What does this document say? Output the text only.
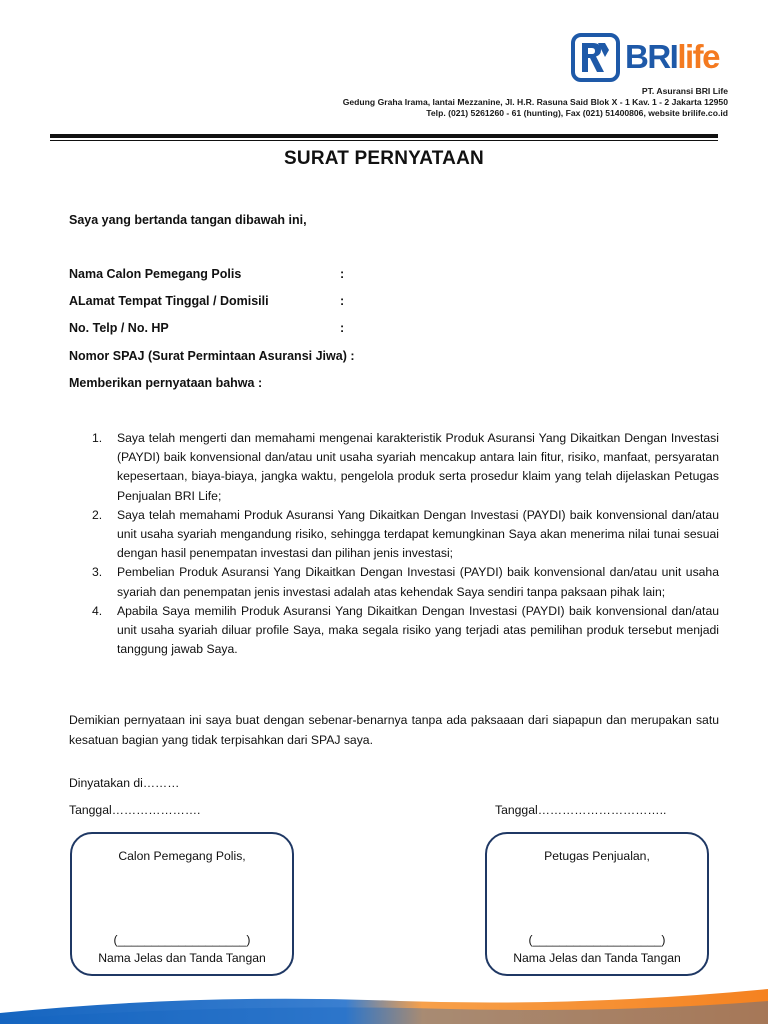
BRIlife
PT. Asuransi BRI Life
Gedung Graha Irama, lantai Mezzanine, Jl. H.R. Rasuna Said Blok X - 1 Kav. 1 - 2 Jakarta 12950
Telp. (021) 5261260 - 61 (hunting), Fax (021) 51400806, website brilife.co.id
SURAT PERNYATAAN
Saya yang bertanda tangan dibawah ini,
Nama Calon Pemegang Polis	:
ALamat Tempat Tinggal / Domisili	:
No. Telp / No. HP	:
Nomor SPAJ (Surat Permintaan Asuransi Jiwa) :
Memberikan pernyataan bahwa :
1. Saya telah mengerti dan memahami mengenai karakteristik Produk Asuransi Yang Dikaitkan Dengan Investasi (PAYDI) baik konvensional dan/atau unit usaha syariah mencakup antara lain fitur, risiko, manfaat, persyaratan kepesertaan, biaya-biaya, jangka waktu, pengelola produk serta prosedur klaim yang telah dijelaskan Petugas Penjualan BRI Life;
2. Saya telah memahami Produk Asuransi Yang Dikaitkan Dengan Investasi (PAYDI) baik konvensional dan/atau unit usaha syariah mengandung risiko, sehingga terdapat kemungkinan Saya akan menerima nilai tunai sesuai dengan hasil penempatan investasi dan pilihan jenis investasi;
3. Pembelian Produk Asuransi Yang Dikaitkan Dengan Investasi (PAYDI) baik konvensional dan/atau unit usaha syariah dan penempatan jenis investasi adalah atas kehendak Saya sendiri tanpa paksaan pihak lain;
4. Apabila Saya memilih Produk Asuransi Yang Dikaitkan Dengan Investasi (PAYDI) baik konvensional dan/atau unit usaha syariah diluar profile Saya, maka segala risiko yang terjadi atas pemilihan produk tersebut menjadi tanggung jawab Saya.
Demikian pernyataan ini saya buat dengan sebenar-benarnya tanpa ada paksaaan dari siapapun dan merupakan satu kesatuan bagian yang tidak terpisahkan dari SPAJ saya.
Dinyatakan di………
Tanggal………………….	Tanggal…………………………..
Calon Pemegang Polis,
(___________________)
Nama Jelas dan Tanda Tangan
Petugas Penjualan,
(___________________)
Nama Jelas dan Tanda Tangan
